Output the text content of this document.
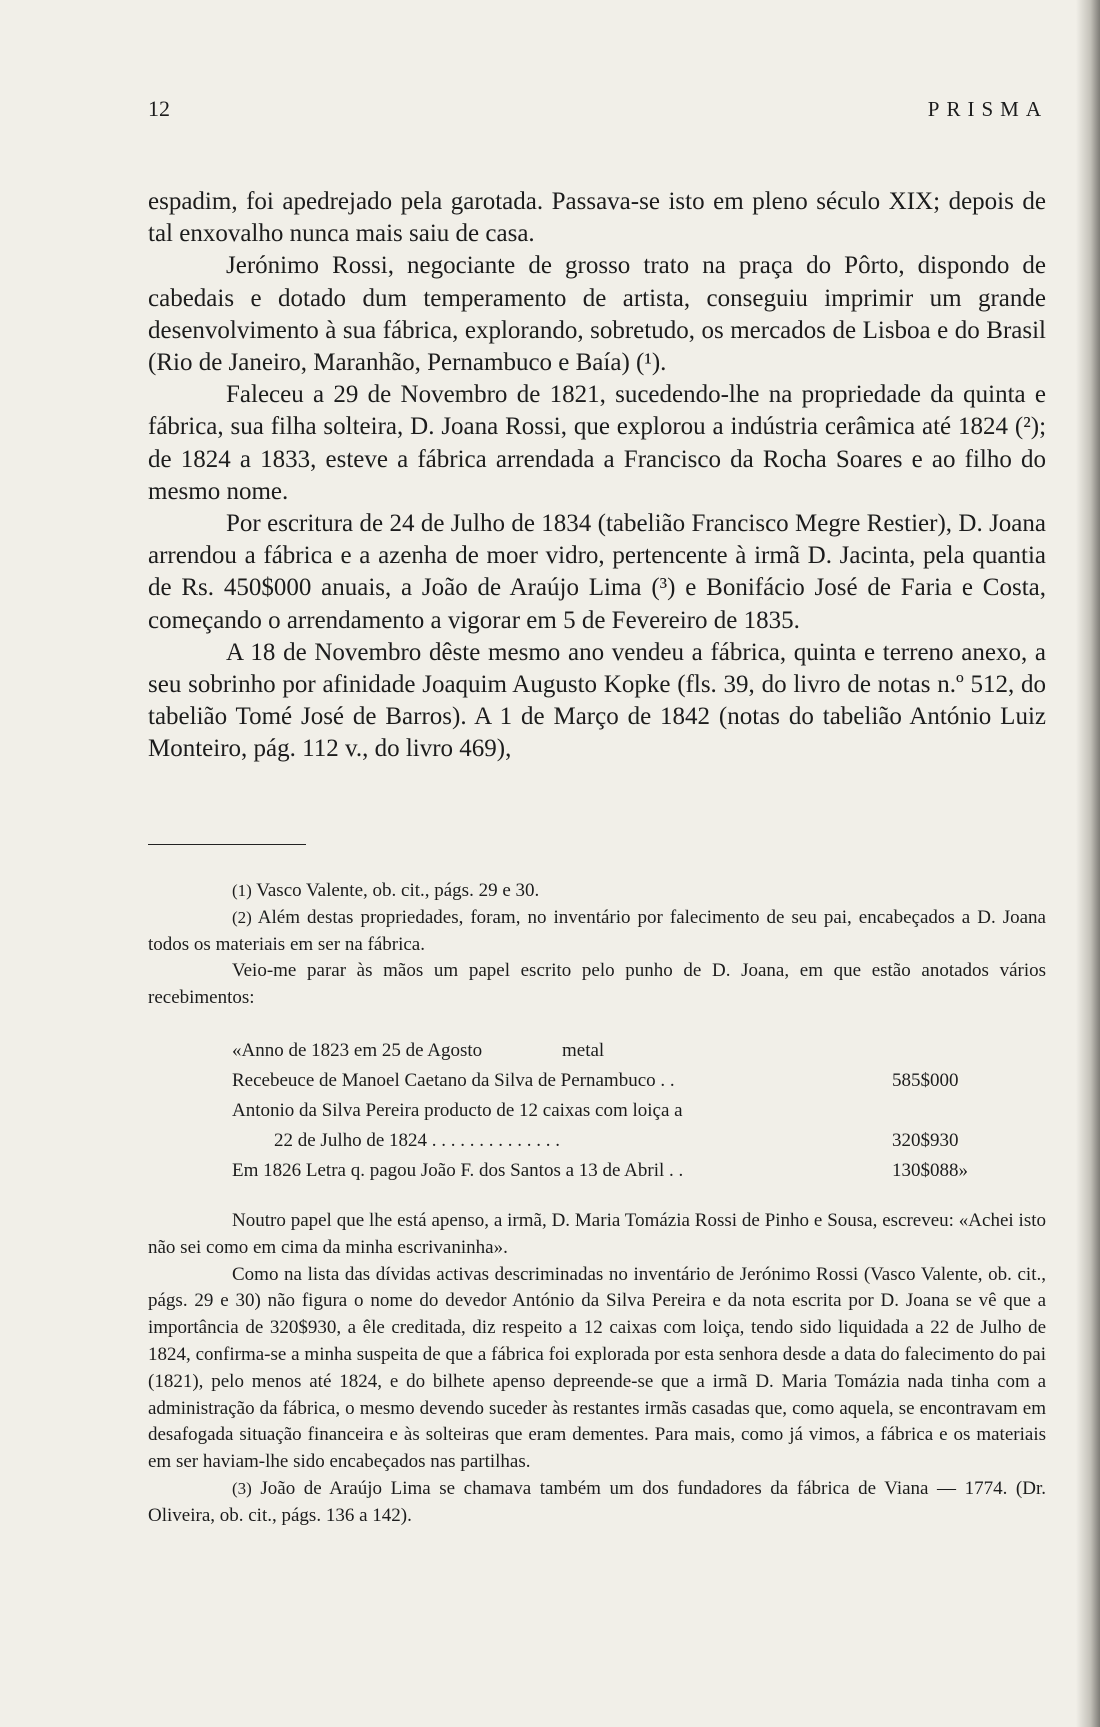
12	PRISMA

espadim, foi apedrejado pela garotada. Passava-se isto em pleno século XIX; depois de tal enxovalho nunca mais saiu de casa.

Jerónimo Rossi, negociante de grosso trato na praça do Pôrto, dispondo de cabedais e dotado dum temperamento de artista, conseguiu imprimir um grande desenvolvimento à sua fábrica, explorando, sobretudo, os mercados de Lisboa e do Brasil (Rio de Janeiro, Maranhão, Pernambuco e Baía) (¹).

Faleceu a 29 de Novembro de 1821, sucedendo-lhe na propriedade da quinta e fábrica, sua filha solteira, D. Joana Rossi, que explorou a indústria cerâmica até 1824 (²); de 1824 a 1833, esteve a fábrica arrendada a Francisco da Rocha Soares e ao filho do mesmo nome.

Por escritura de 24 de Julho de 1834 (tabelião Francisco Megre Restier), D. Joana arrendou a fábrica e a azenha de moer vidro, pertencente à irmã D. Jacinta, pela quantia de Rs. 450$000 anuais, a João de Araújo Lima (³) e Bonifácio José de Faria e Costa, começando o arrendamento a vigorar em 5 de Fevereiro de 1835.

A 18 de Novembro dêste mesmo ano vendeu a fábrica, quinta e terreno anexo, a seu sobrinho por afinidade Joaquim Augusto Kopke (fls. 39, do livro de notas n.º 512, do tabelião Tomé José de Barros). A 1 de Março de 1842 (notas do tabelião António Luiz Monteiro, pág. 112 v., do livro 469),

(1) Vasco Valente, ob. cit., págs. 29 e 30.

(2) Além destas propriedades, foram, no inventário por falecimento de seu pai, encabeçados a D. Joana todos os materiais em ser na fábrica.

Veio-me parar às mãos um papel escrito pelo punho de D. Joana, em que estão anotados vários recebimentos:

«Anno de 1823 em 25 de Agosto	metal
Recebeuce de Manoel Caetano da Silva de Pernambuco . .	585$000
Antonio da Silva Pereira producto de 12 caixas com loiça a
22 de Julho de 1824 . . . . . . . . . . . . . .	320$930
Em 1826 Letra q. pagou João F. dos Santos a 13 de Abril . .	130$088»

Noutro papel que lhe está apenso, a irmã, D. Maria Tomázia Rossi de Pinho e Sousa, escreveu: «Achei isto não sei como em cima da minha escrivaninha».

Como na lista das dívidas activas descriminadas no inventário de Jerónimo Rossi (Vasco Valente, ob. cit., págs. 29 e 30) não figura o nome do devedor António da Silva Pereira e da nota escrita por D. Joana se vê que a importância de 320$930, a êle creditada, diz respeito a 12 caixas com loiça, tendo sido liquidada a 22 de Julho de 1824, confirma-se a minha suspeita de que a fábrica foi explorada por esta senhora desde a data do falecimento do pai (1821), pelo menos até 1824, e do bilhete apenso depreende-se que a irmã D. Maria Tomázia nada tinha com a administração da fábrica, o mesmo devendo suceder às restantes irmãs casadas que, como aquela, se encontravam em desafogada situação financeira e às solteiras que eram dementes. Para mais, como já vimos, a fábrica e os materiais em ser haviam-lhe sido encabeçados nas partilhas.

(3) João de Araújo Lima se chamava também um dos fundadores da fábrica de Viana — 1774. (Dr. Oliveira, ob. cit., págs. 136 a 142).
